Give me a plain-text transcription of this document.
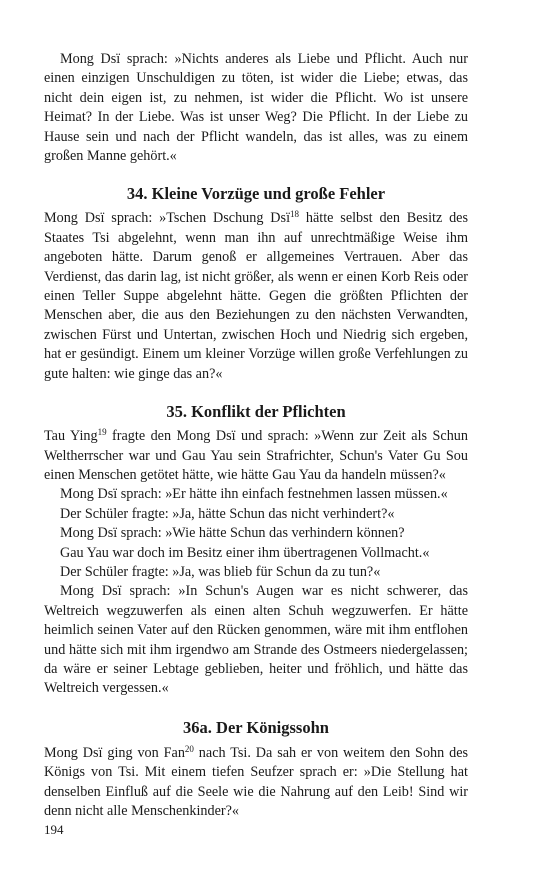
Mong Dsï sprach: »Nichts anderes als Liebe und Pflicht. Auch nur einen einzigen Unschuldigen zu töten, ist wider die Liebe; etwas, das nicht dein eigen ist, zu nehmen, ist wider die Pflicht. Wo ist unsere Heimat? In der Liebe. Was ist unser Weg? Die Pflicht. In der Liebe zu Hause sein und nach der Pflicht wandeln, das ist alles, was zu einem großen Manne gehört.«

34. Kleine Vorzüge und große Fehler

Mong Dsï sprach: »Tschen Dschung Dsï$^{18}$ hätte selbst den Besitz des Staates Tsi abgelehnt, wenn man ihn auf unrechtmäßige Weise ihm angeboten hätte. Darum genoß er allgemeines Vertrauen. Aber das Verdienst, das darin lag, ist nicht größer, als wenn er einen Korb Reis oder einen Teller Suppe abgelehnt hätte. Gegen die größten Pflichten der Menschen aber, die aus den Beziehungen zu den nächsten Verwandten, zwischen Fürst und Untertan, zwischen Hoch und Niedrig sich ergeben, hat er gesündigt. Einem um kleiner Vorzüge willen große Verfehlungen zu gute halten: wie ginge das an?«

35. Konflikt der Pflichten

Tau Ying$^{19}$ fragte den Mong Dsï und sprach: »Wenn zur Zeit als Schun Weltherrscher war und Gau Yau sein Strafrichter, Schun's Vater Gu Sou einen Menschen getötet hätte, wie hätte Gau Yau da handeln müssen?«

Mong Dsï sprach: »Er hätte ihn einfach festnehmen lassen müssen.«

Der Schüler fragte: »Ja, hätte Schun das nicht verhindert?«

Mong Dsï sprach: »Wie hätte Schun das verhindern können?

Gau Yau war doch im Besitz einer ihm übertragenen Vollmacht.«

Der Schüler fragte: »Ja, was blieb für Schun da zu tun?«

Mong Dsï sprach: »In Schun's Augen war es nicht schwerer, das Weltreich wegzuwerfen als einen alten Schuh wegzuwerfen. Er hätte heimlich seinen Vater auf den Rücken genommen, wäre mit ihm entflohen und hätte sich mit ihm irgendwo am Strande des Ostmeers niedergelassen; da wäre er seiner Lebtage geblieben, heiter und fröhlich, und hätte das Weltreich vergessen.«

36a. Der Königssohn

Mong Dsï ging von Fan$^{20}$ nach Tsi. Da sah er von weitem den Sohn des Königs von Tsi. Mit einem tiefen Seufzer sprach er: »Die Stellung hat denselben Einfluß auf die Seele wie die Nahrung auf den Leib! Sind wir denn nicht alle Menschenkinder?«

194
